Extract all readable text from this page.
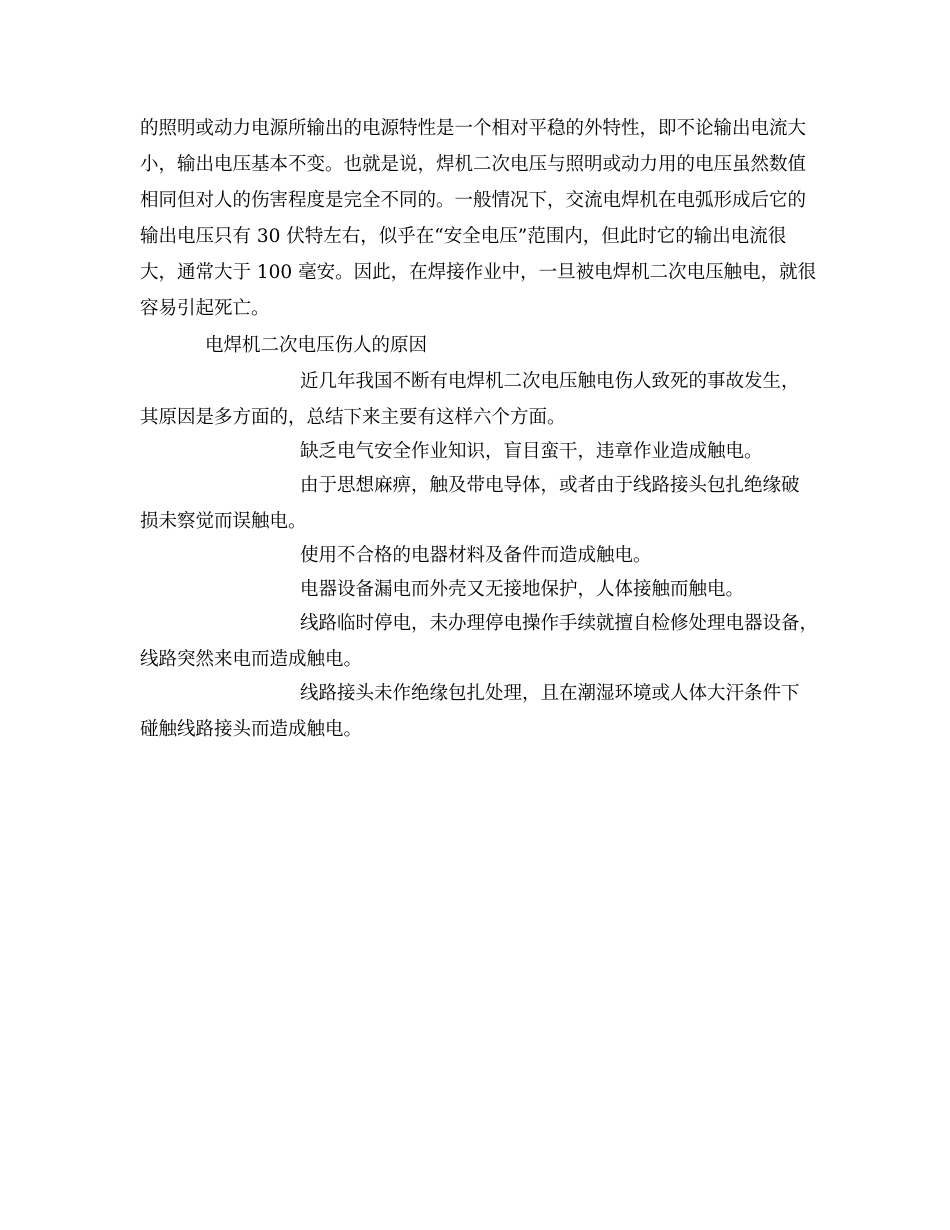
的照明或动力电源所输出的电源特性是一个相对平稳的外特性，即不论输出电流大
小，输出电压基本不变。也就是说，焊机二次电压与照明或动力用的电压虽然数值
相同但对人的伤害程度是完全不同的。一般情况下，交流电焊机在电弧形成后它的
输出电压只有 30 伏特左右，似乎在“安全电压”范围内，但此时它的输出电流很
大，通常大于 100 毫安。因此，在焊接作业中，一旦被电焊机二次电压触电，就很
容易引起死亡。
电焊机二次电压伤人的原因
近几年我国不断有电焊机二次电压触电伤人致死的事故发生，
其原因是多方面的，总结下来主要有这样六个方面。
缺乏电气安全作业知识，盲目蛮干，违章作业造成触电。
由于思想麻痹，触及带电导体，或者由于线路接头包扎绝缘破
损未察觉而误触电。
使用不合格的电器材料及备件而造成触电。
电器设备漏电而外壳又无接地保护，人体接触而触电。
线路临时停电，未办理停电操作手续就擅自检修处理电器设备，
线路突然来电而造成触电。
线路接头未作绝缘包扎处理，且在潮湿环境或人体大汗条件下
碰触线路接头而造成触电。
